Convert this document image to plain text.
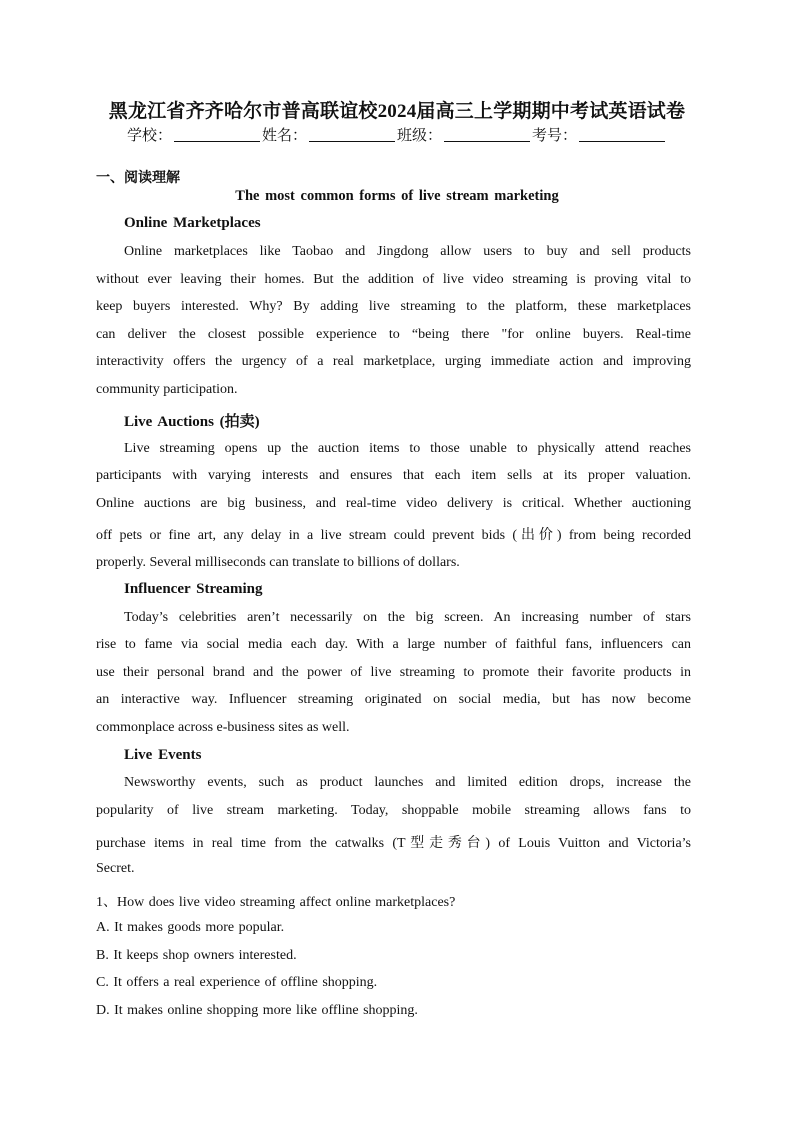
黑龙江省齐齐哈尔市普高联谊校2024届高三上学期期中考试英语试卷
学校：	姓名：	班级：	考号：
一、阅读理解
The most common forms of live stream marketing
Online Marketplaces
Online marketplaces like Taobao and Jingdong allow users to buy and sell products
without ever leaving their homes. But the addition of live video streaming is proving vital to
keep buyers interested. Why? By adding live streaming to the platform, these marketplaces
can deliver the closest possible experience to “being there "for online buyers. Real-time
interactivity offers the urgency of a real marketplace, urging immediate action and improving
community participation.
Live Auctions (拍卖)
Live streaming opens up the auction items to those unable to physically attend reaches
participants with varying interests and ensures that each item sells at its proper valuation.
Online auctions are big business, and real-time video delivery is critical. Whether auctioning
off pets or fine art, any delay in a live stream could prevent bids (出价) from being recorded
properly. Several milliseconds can translate to billions of dollars.
Influencer Streaming
Today’s celebrities aren’t necessarily on the big screen. An increasing number of stars
rise to fame via social media each day. With a large number of faithful fans, influencers can
use their personal brand and the power of live streaming to promote their favorite products in
an interactive way. Influencer streaming originated on social media, but has now become
commonplace across e-business sites as well.
Live Events
Newsworthy events, such as product launches and limited edition drops, increase the
popularity of live stream marketing. Today, shoppable mobile streaming allows fans to
purchase items in real time from the catwalks (T型走秀台) of Louis Vuitton and Victoria’s
Secret.
1、How does live video streaming affect online marketplaces?
A. It makes goods more popular.
B. It keeps shop owners interested.
C. It offers a real experience of offline shopping.
D. It makes online shopping more like offline shopping.
